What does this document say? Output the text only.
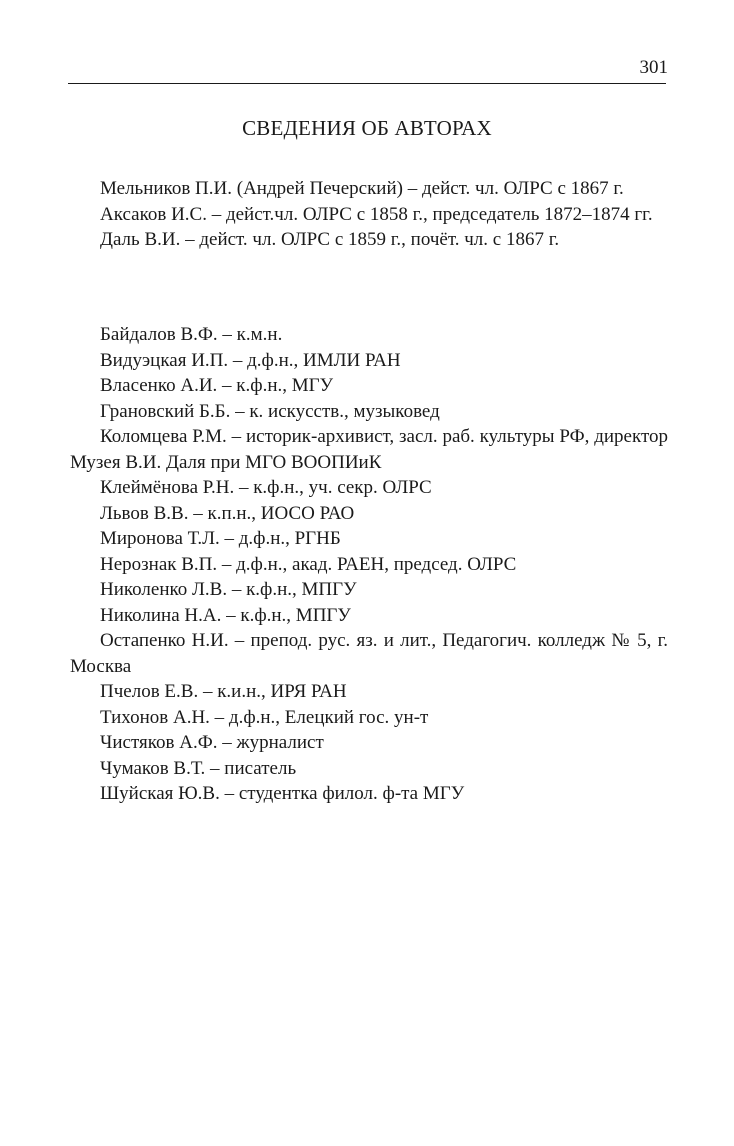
301
СВЕДЕНИЯ ОБ АВТОРАХ

Мельников П.И. (Андрей Печерский) – дейст. чл. ОЛРС с 1867 г.

Аксаков И.С. – дейст.чл. ОЛРС с 1858 г., председатель 1872–1874 гг.

Даль В.И. – дейст. чл. ОЛРС с 1859 г., почёт. чл. с 1867 г.

Байдалов В.Ф. – к.м.н.

Видуэцкая И.П. – д.ф.н., ИМЛИ РАН

Власенко А.И. – к.ф.н., МГУ

Грановский Б.Б. – к. искусств., музыковед

Коломцева Р.М. – историк-архивист, засл. раб. культуры РФ, директор Музея В.И. Даля при МГО ВООПИиК

Клеймёнова Р.Н. – к.ф.н., уч. секр. ОЛРС

Львов В.В. – к.п.н., ИОСО РАО

Миронова Т.Л. – д.ф.н., РГНБ

Нерознак В.П. – д.ф.н., акад. РАЕН, председ. ОЛРС

Николенко Л.В. – к.ф.н., МПГУ

Николина Н.А. – к.ф.н., МПГУ

Остапенко Н.И. – препод. рус. яз. и лит., Педагогич. колледж № 5, г. Москва

Пчелов Е.В. – к.и.н., ИРЯ РАН

Тихонов А.Н. – д.ф.н., Елецкий гос. ун-т

Чистяков А.Ф. – журналист

Чумаков В.Т. – писатель

Шуйская Ю.В. – студентка филол. ф-та МГУ
